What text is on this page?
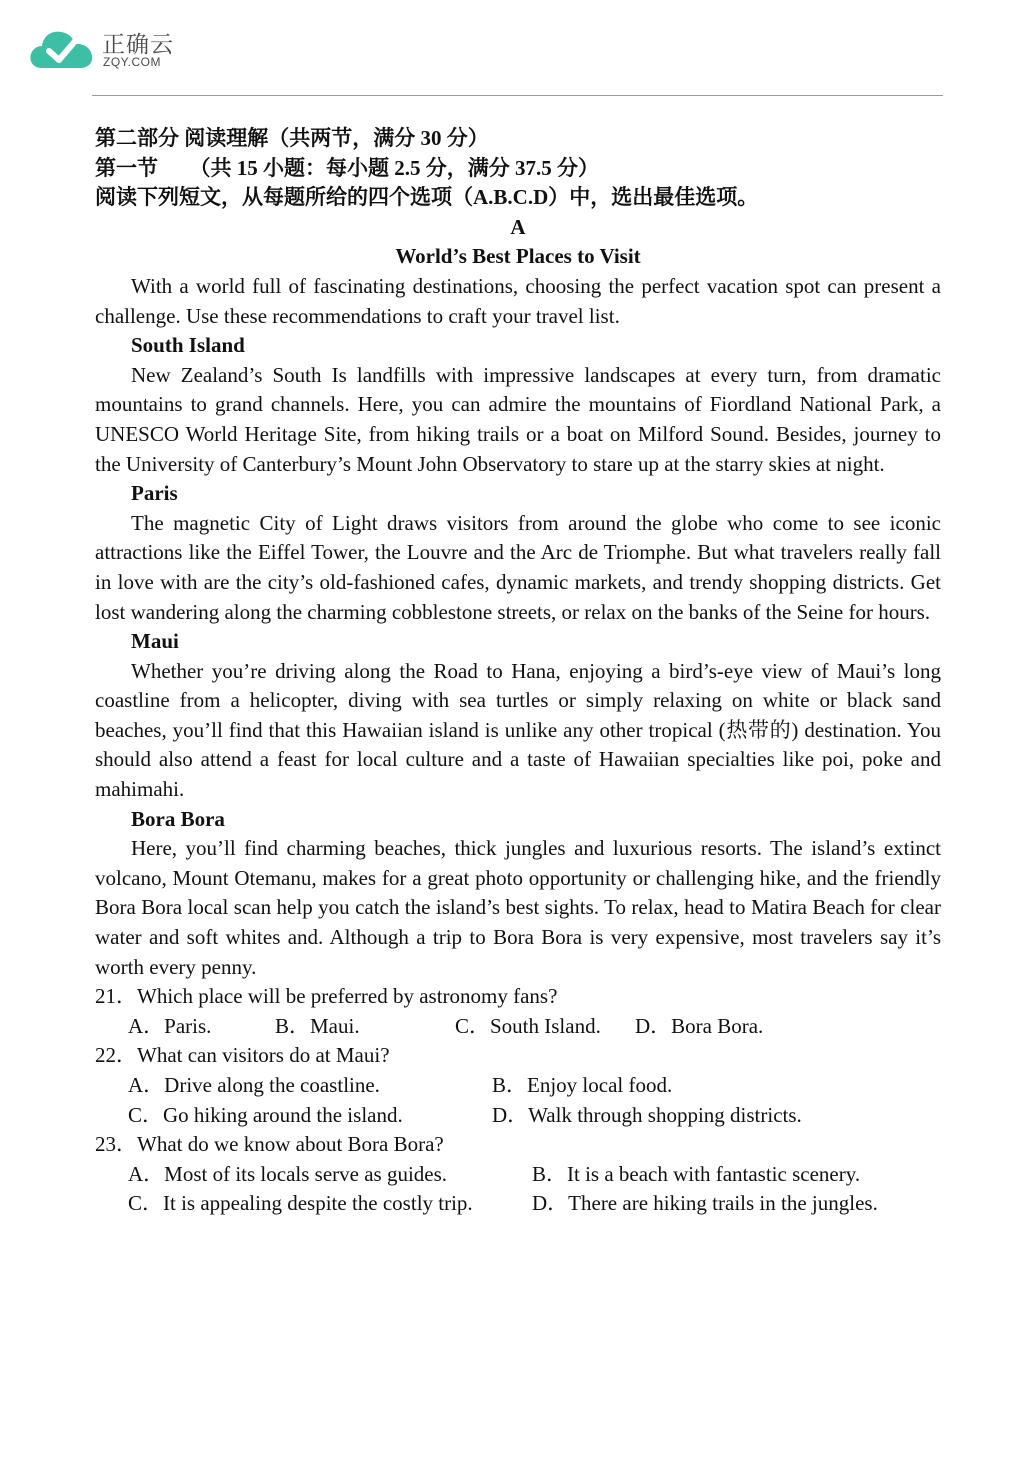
正确云
ZQY.COM

第二部分 阅读理解（共两节，满分 30 分）

第一节      （共 15 小题：每小题 2.5 分，满分 37.5 分）

阅读下列短文，从每题所给的四个选项（A.B.C.D）中，选出最佳选项。

A

World’s Best Places to Visit

With a world full of fascinating destinations, choosing the perfect vacation spot can present a challenge. Use these recommendations to craft your travel list.

South Island

New Zealand’s South Is landfills with impressive landscapes at every turn, from dramatic mountains to grand channels. Here, you can admire the mountains of Fiordland National Park, a UNESCO World Heritage Site, from hiking trails or a boat on Milford Sound. Besides, journey to the University of Canterbury’s Mount John Observatory to stare up at the starry skies at night.

Paris

The magnetic City of Light draws visitors from around the globe who come to see iconic attractions like the Eiffel Tower, the Louvre and the Arc de Triomphe. But what travelers really fall in love with are the city’s old-fashioned cafes, dynamic markets, and trendy shopping districts. Get lost wandering along the charming cobblestone streets, or relax on the banks of the Seine for hours.

Maui

Whether you’re driving along the Road to Hana, enjoying a bird’s-eye view of Maui’s long coastline from a helicopter, diving with sea turtles or simply relaxing on white or black sand beaches, you’ll find that this Hawaiian island is unlike any other tropical (热带的) destination. You should also attend a feast for local culture and a taste of Hawaiian specialties like poi, poke and mahimahi.

Bora Bora

Here, you’ll find charming beaches, thick jungles and luxurious resorts. The island’s extinct volcano, Mount Otemanu, makes for a great photo opportunity or challenging hike, and the friendly Bora Bora local scan help you catch the island’s best sights. To relax, head to Matira Beach for clear water and soft whites and. Although a trip to Bora Bora is very expensive, most travelers say it’s worth every penny.

21．Which place will be preferred by astronomy fans?

A．Paris.	B．Maui.	C．South Island. D．Bora Bora.

22．What can visitors do at Maui?

A．Drive along the coastline.	B．Enjoy local food.

C．Go hiking around the island.	D．Walk through shopping districts.

23．What do we know about Bora Bora?

A．Most of its locals serve as guides.	B．It is a beach with fantastic scenery.

C．It is appealing despite the costly trip.	D．There are hiking trails in the jungles.
